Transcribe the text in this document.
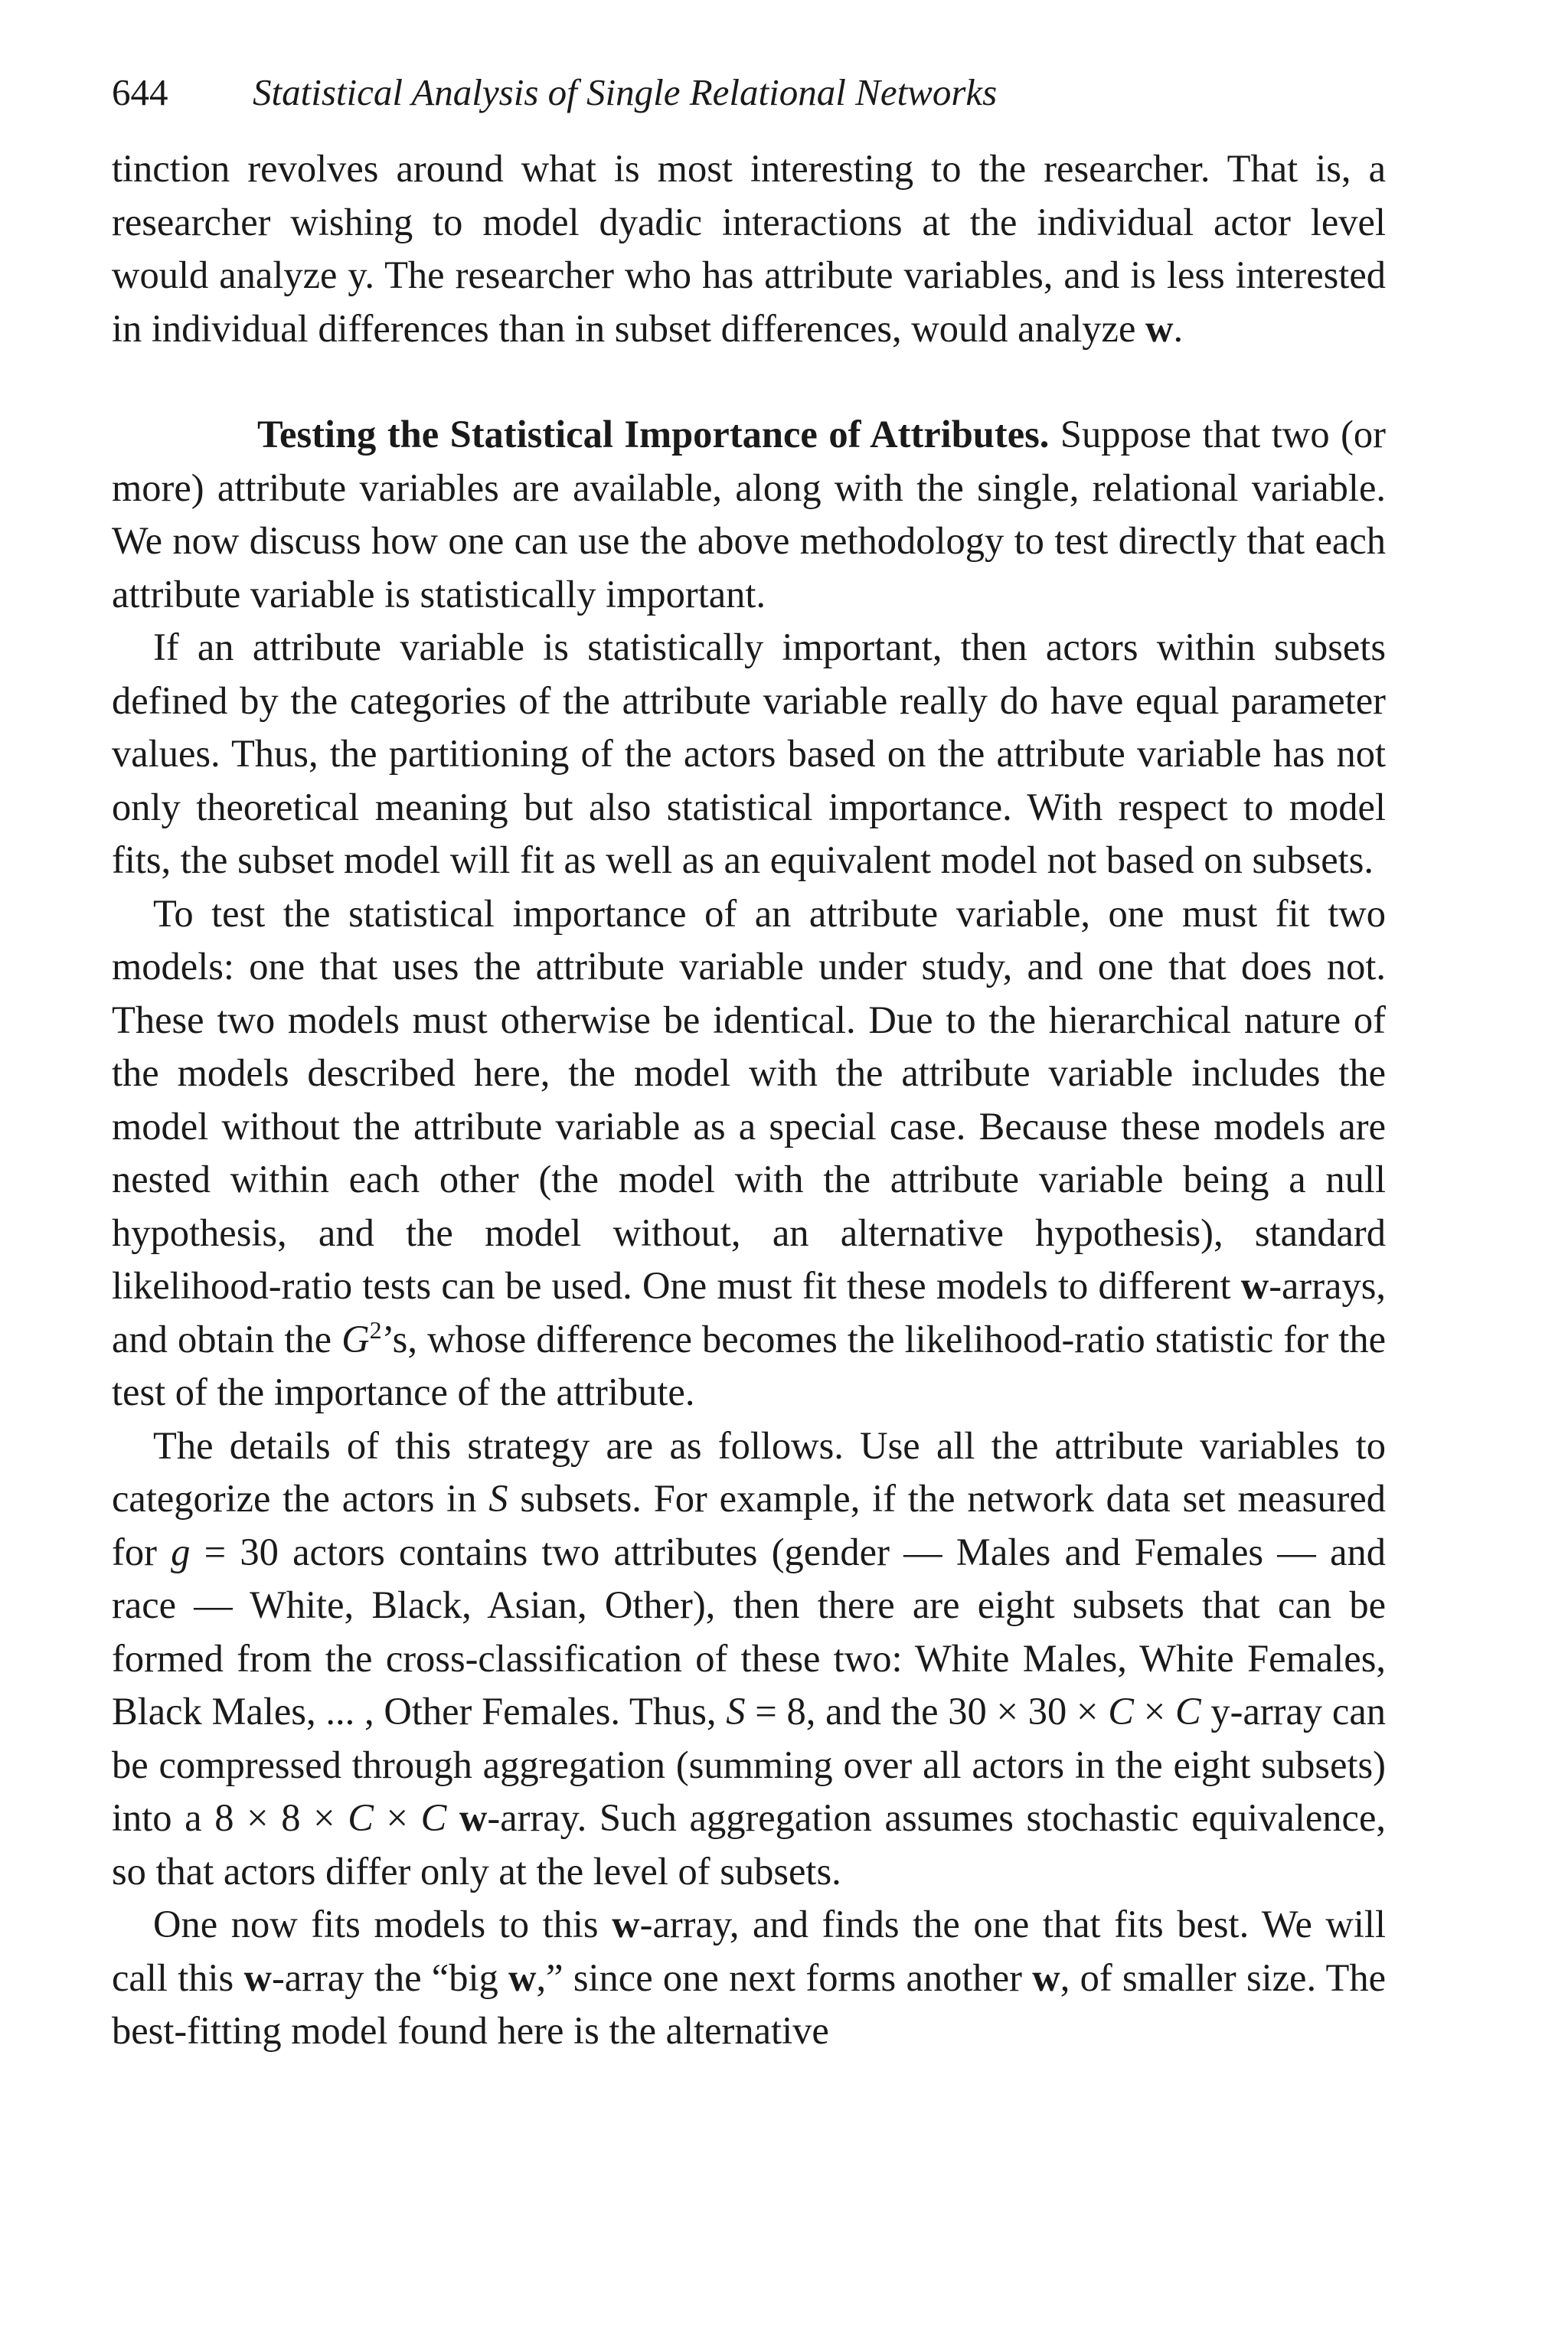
644 Statistical Analysis of Single Relational Networks

tinction revolves around what is most interesting to the researcher. That is, a researcher wishing to model dyadic interactions at the individual actor level would analyze y. The researcher who has attribute variables, and is less interested in individual differences than in subset differences, would analyze w.

Testing the Statistical Importance of Attributes. Suppose that two (or more) attribute variables are available, along with the single, relational variable. We now discuss how one can use the above methodology to test directly that each attribute variable is statistically important.

If an attribute variable is statistically important, then actors within subsets defined by the categories of the attribute variable really do have equal parameter values. Thus, the partitioning of the actors based on the attribute variable has not only theoretical meaning but also statistical importance. With respect to model fits, the subset model will fit as well as an equivalent model not based on subsets.

To test the statistical importance of an attribute variable, one must fit two models: one that uses the attribute variable under study, and one that does not. These two models must otherwise be identical. Due to the hierarchical nature of the models described here, the model with the attribute variable includes the model without the attribute variable as a special case. Because these models are nested within each other (the model with the attribute variable being a null hypothesis, and the model without, an alternative hypothesis), standard likelihood-ratio tests can be used. One must fit these models to different w-arrays, and obtain the $G^2’s$, whose difference becomes the likelihood-ratio statistic for the test of the importance of the attribute.

The details of this strategy are as follows. Use all the attribute variables to categorize the actors in S subsets. For example, if the network data set measured for g = 30 actors contains two attributes (gender — Males and Females — and race — White, Black, Asian, Other), then there are eight subsets that can be formed from the cross-classification of these two: White Males, White Females, Black Males, ... , Other Females. Thus, S = 8, and the 30 × 30 × C × C y-array can be compressed through aggregation (summing over all actors in the eight subsets) into a 8 × 8 × C × C w-array. Such aggregation assumes stochastic equivalence, so that actors differ only at the level of subsets.

One now fits models to this w-array, and finds the one that fits best. We will call this w-array the “big w,” since one next forms another w, of smaller size. The best-fitting model found here is the alternative
